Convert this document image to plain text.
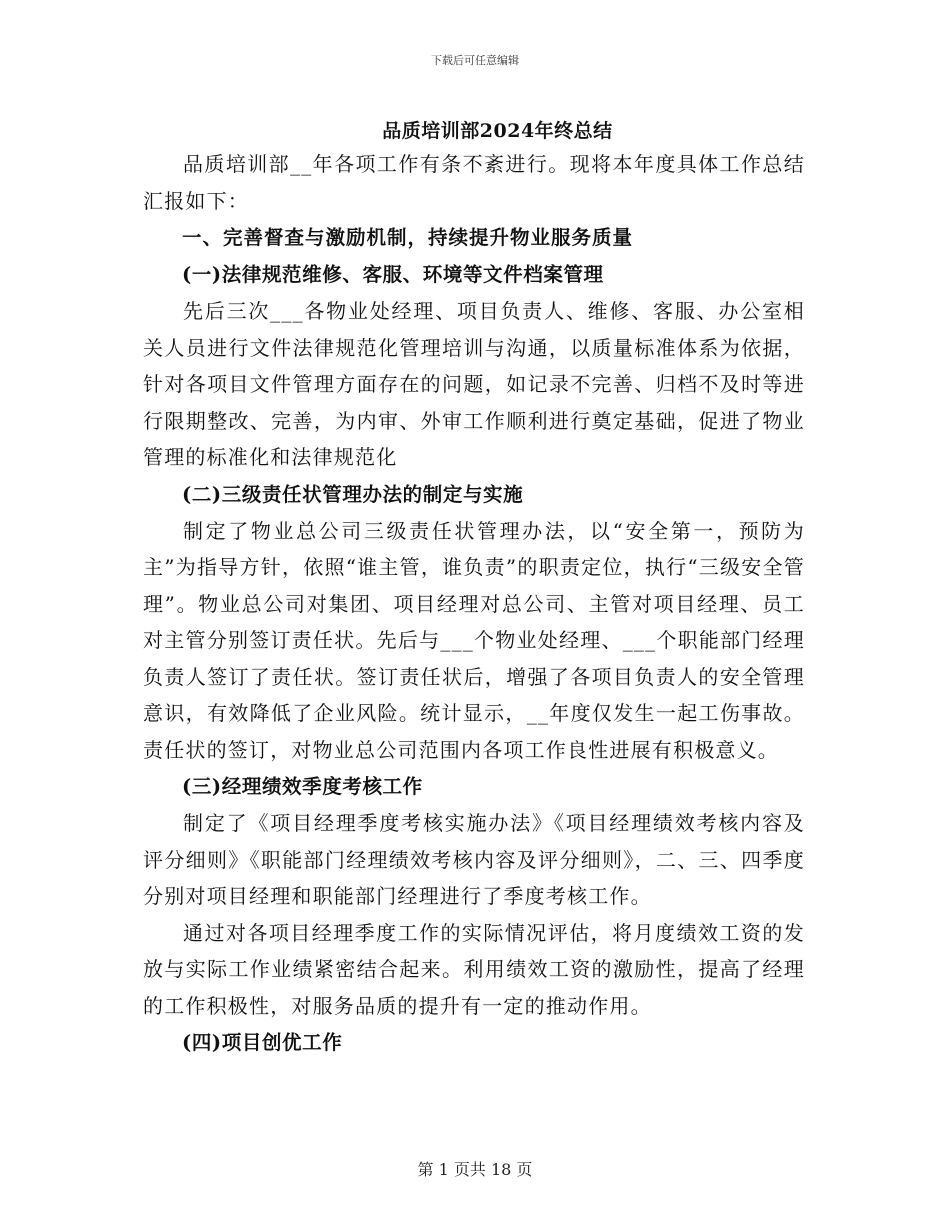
下载后可任意编辑
品质培训部2024年终总结

品质培训部__年各项工作有条不紊进行。现将本年度具体工作总结汇报如下：

一、完善督查与激励机制，持续提升物业服务质量

(一)法律规范维修、客服、环境等文件档案管理

先后三次___各物业处经理、项目负责人、维修、客服、办公室相关人员进行文件法律规范化管理培训与沟通，以质量标准体系为依据，针对各项目文件管理方面存在的问题，如记录不完善、归档不及时等进行限期整改、完善，为内审、外审工作顺利进行奠定基础，促进了物业管理的标准化和法律规范化

(二)三级责任状管理办法的制定与实施

制定了物业总公司三级责任状管理办法，以“安全第一，预防为主”为指导方针，依照“谁主管，谁负责”的职责定位，执行“三级安全管理”。物业总公司对集团、项目经理对总公司、主管对项目经理、员工对主管分别签订责任状。先后与___个物业处经理、___个职能部门经理负责人签订了责任状。签订责任状后，增强了各项目负责人的安全管理意识，有效降低了企业风险。统计显示，__年度仅发生一起工伤事故。责任状的签订，对物业总公司范围内各项工作良性进展有积极意义。

(三)经理绩效季度考核工作

制定了《项目经理季度考核实施办法》《项目经理绩效考核内容及评分细则》《职能部门经理绩效考核内容及评分细则》，二、三、四季度分别对项目经理和职能部门经理进行了季度考核工作。

通过对各项目经理季度工作的实际情况评估，将月度绩效工资的发放与实际工作业绩紧密结合起来。利用绩效工资的激励性，提高了经理的工作积极性，对服务品质的提升有一定的推动作用。

(四)项目创优工作

第 1 页共 18 页
